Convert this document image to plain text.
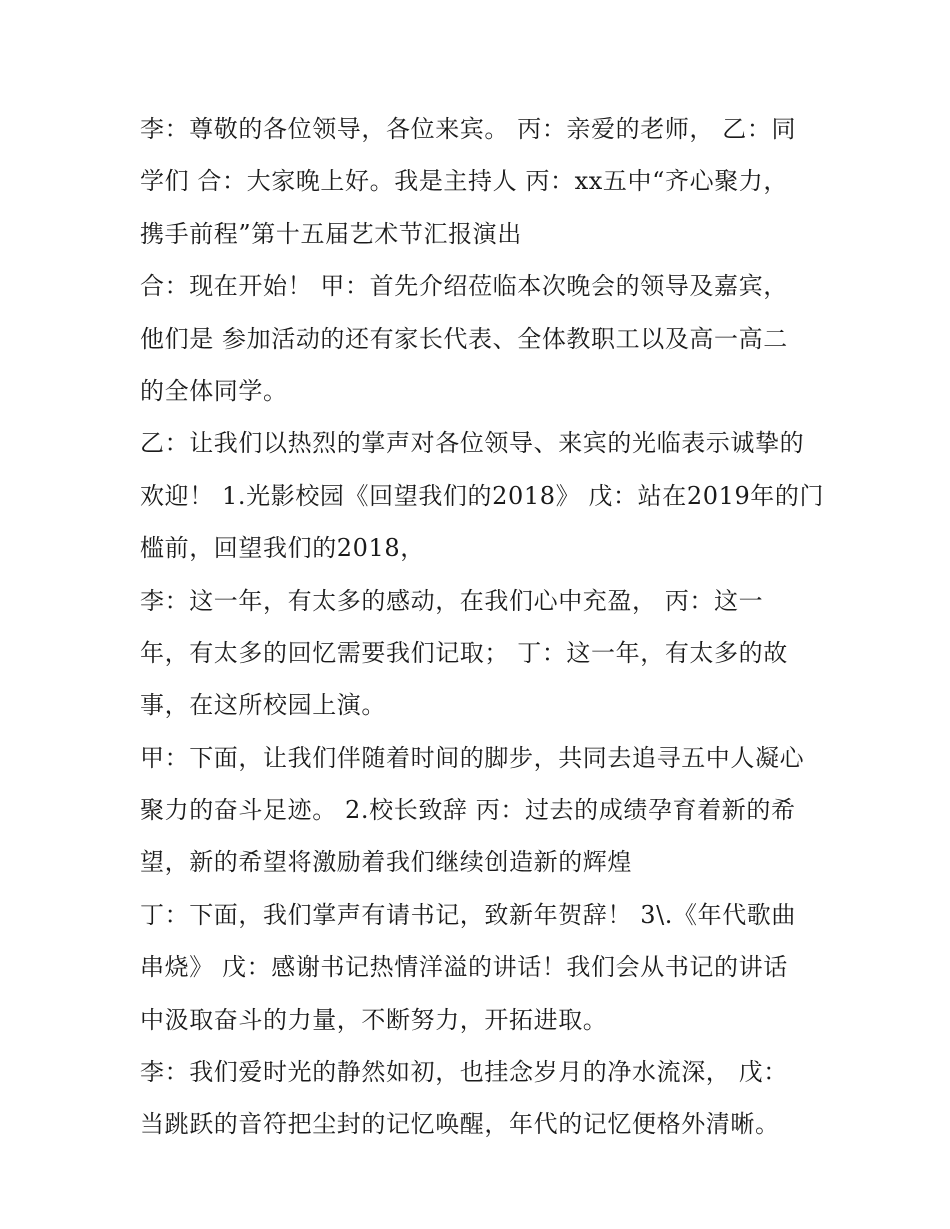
李：尊敬的各位领导，各位来宾。 丙：亲爱的老师， 乙：同
学们 合：大家晚上好。我是主持人 丙：xx五中“齐心聚力，
携手前程”第十五届艺术节汇报演出
合：现在开始！ 甲：首先介绍莅临本次晚会的领导及嘉宾，
他们是 参加活动的还有家长代表、全体教职工以及高一高二
的全体同学。
乙：让我们以热烈的掌声对各位领导、来宾的光临表示诚挚的
欢迎！ 1.光影校园《回望我们的2018》 戊：站在2019年的门
槛前，回望我们的2018，
李：这一年，有太多的感动，在我们心中充盈， 丙：这一
年，有太多的回忆需要我们记取； 丁：这一年，有太多的故
事，在这所校园上演。
甲：下面，让我们伴随着时间的脚步，共同去追寻五中人凝心
聚力的奋斗足迹。 2.校长致辞 丙：过去的成绩孕育着新的希
望，新的希望将激励着我们继续创造新的辉煌
丁：下面，我们掌声有请书记，致新年贺辞！ 3\.《年代歌曲
串烧》 戊：感谢书记热情洋溢的讲话！我们会从书记的讲话
中汲取奋斗的力量，不断努力，开拓进取。
李：我们爱时光的静然如初，也挂念岁月的净水流深， 戊：
当跳跃的音符把尘封的记忆唤醒，年代的记忆便格外清晰。
